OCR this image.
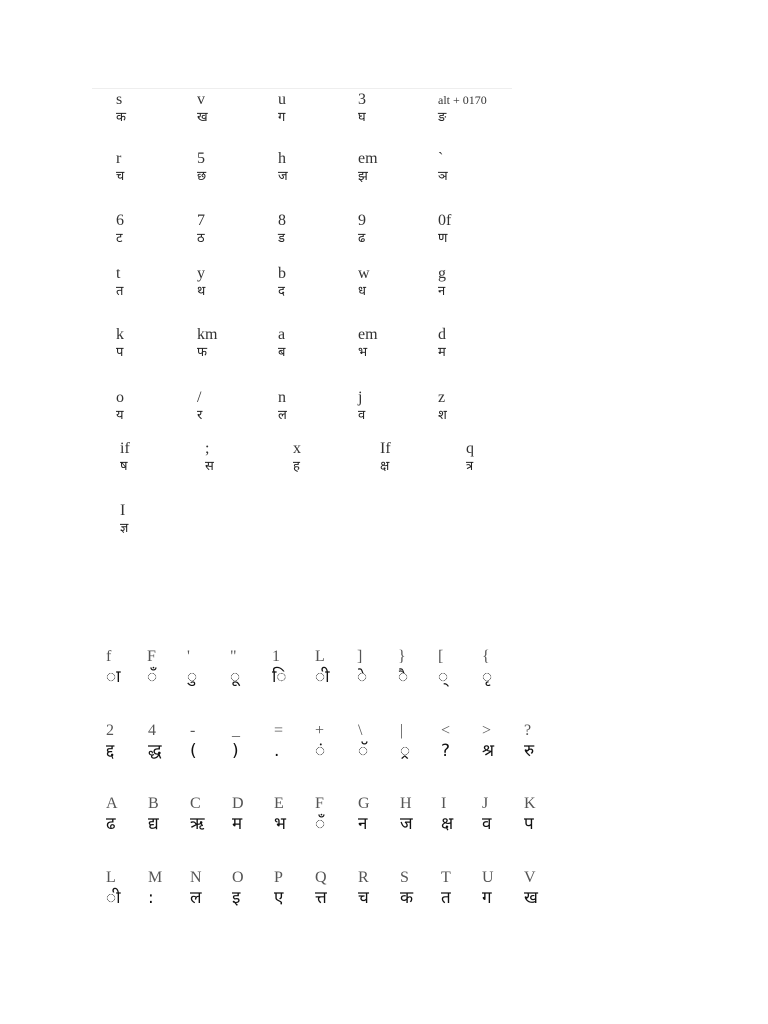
s
क
v
ख
u
ग
3
घ
alt + 0170
ङ
r
च
5
छ
h
ज
em
झ
`
ञ
6
ट
7
ठ
8
ड
9
ढ
0f
ण
t
त
y
थ
b
द
w
ध
g
न
k
प
km
फ
a
ब
em
भ
d
म
o
य
/
र
n
ल
j
व
z
श
if
ष
;
स
x
ह
If
क्ष
q
त्र
I
ज्ञ
f
ा
F
ँ
'
ु
"
ू
1
ि
L
ी
]
े
}
ै
[
्
{
ृ
2
द्द
4
द्ध
-
(
_
)
=
.
+
ं
\
ॅ
|
्र
<
?
>
श्र
?
रु
A
ढ
B
द्य
C
ऋ
D
म
E
भ
F
ँ
G
न
H
ज
I
क्ष
J
व
K
प
L
ी
M
:
N
ल
O
इ
P
ए
Q
त्त
R
च
S
क
T
त
U
ग
V
ख
